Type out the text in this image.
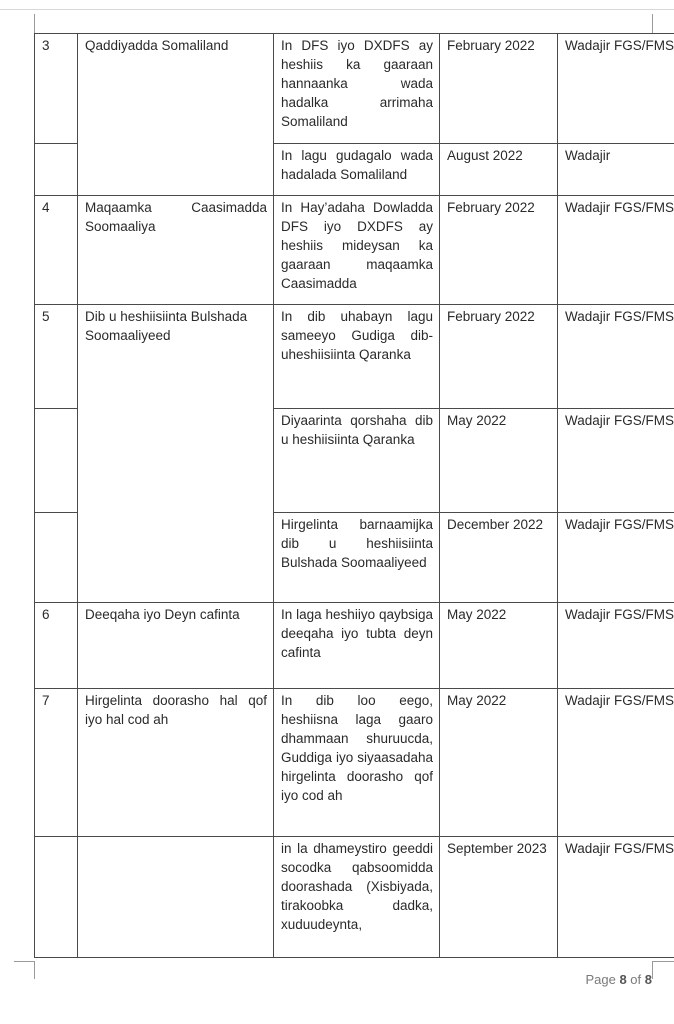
3	Qaddiyadda Somaliland	In DFS iyo DXDFS ay heshiis ka gaaraan hannaanka wada hadalka arrimaha Somaliland	February 2022	Wadajir FGS/FMS
		In lagu gudagalo wada hadalada Somaliland	August 2022	Wadajir
4	Maqaamka Caasimadda Soomaaliya	In Hay’adaha Dowladda DFS iyo DXDFS ay heshiis mideysan ka gaaraan maqaamka Caasimadda	February 2022	Wadajir FGS/FMS
5	Dib u heshiisiinta Bulshada Soomaaliyeed	In dib uhabayn lagu sameeyo Gudiga dib-uheshiisiinta Qaranka	February 2022	Wadajir FGS/FMS
		Diyaarinta qorshaha dib u heshiisiinta Qaranka	May 2022	Wadajir FGS/FMS
		Hirgelinta barnaamijka dib u heshiisiinta Bulshada Soomaaliyeed	December 2022	Wadajir FGS/FMS
6	Deeqaha iyo Deyn cafinta	In laga heshiiyo qaybsiga deeqaha iyo tubta deyn cafinta	May 2022	Wadajir FGS/FMS
7	Hirgelinta doorasho hal qof iyo hal cod ah	In dib loo eego, heshiisna laga gaaro dhammaan shuruucda, Guddiga iyo siyaasadaha hirgelinta doorasho qof iyo cod ah	May 2022	Wadajir FGS/FMS
		in la dhameystiro geeddi socodka qabsoomidda doorashada (Xisbiyada, tirakoobka dadka, xuduudeynta,	September 2023	Wadajir FGS/FMS
Page 8 of 8
